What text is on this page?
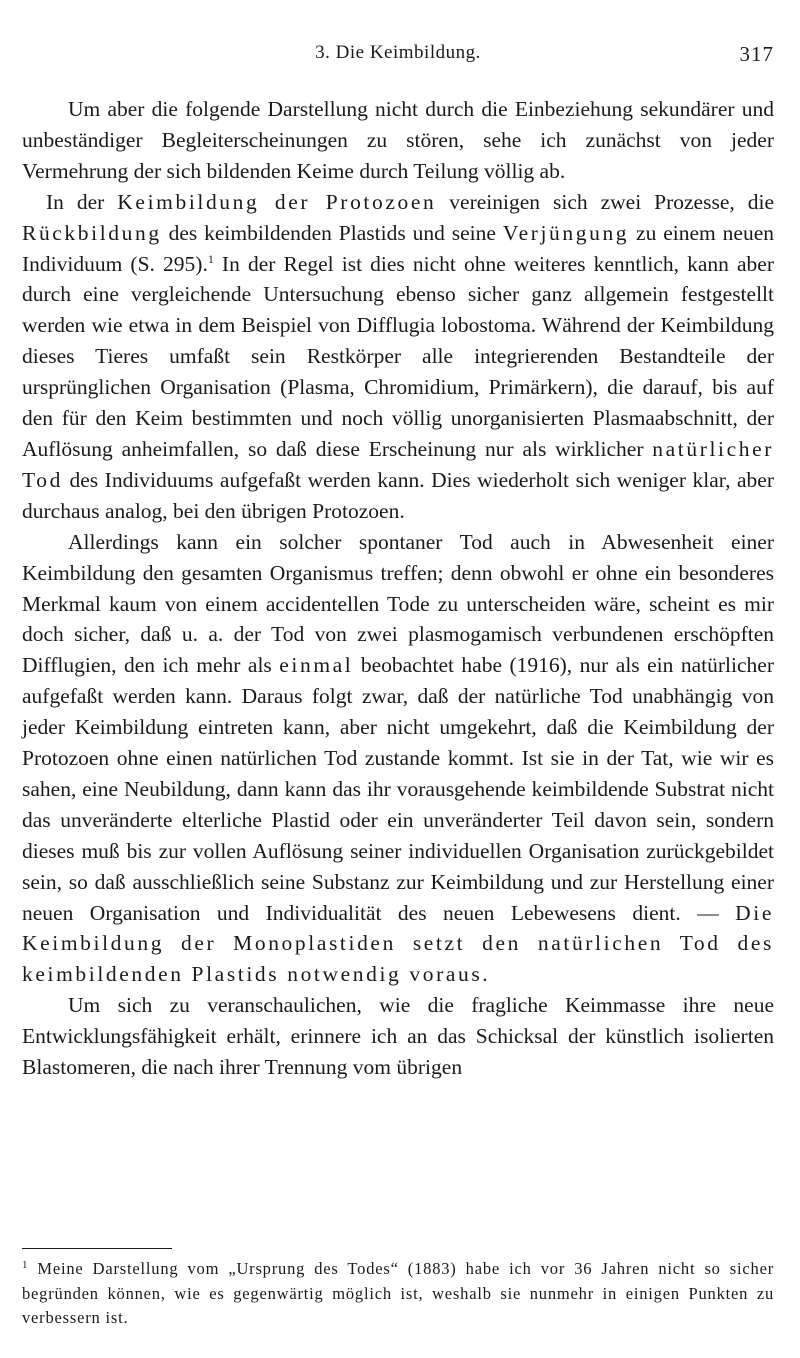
3. Die Keimbildung.	317

Um aber die folgende Darstellung nicht durch die Einbeziehung sekundärer und unbeständiger Begleiterscheinungen zu stören, sehe ich zunächst von jeder Vermehrung der sich bildenden Keime durch Teilung völlig ab.

In der Keimbildung der Protozoen vereinigen sich zwei Prozesse, die Rückbildung des keimbildenden Plastids und seine Verjüngung zu einem neuen Individuum (S. 295).$^1$ In der Regel ist dies nicht ohne weiteres kenntlich, kann aber durch eine vergleichende Untersuchung ebenso sicher ganz allgemein festgestellt werden wie etwa in dem Beispiel von Difflugia lobostoma. Während der Keimbildung dieses Tieres umfaßt sein Restkörper alle integrierenden Bestandteile der ursprünglichen Organisation (Plasma, Chromidium, Primärkern), die darauf, bis auf den für den Keim bestimmten und noch völlig unorganisierten Plasmaabschnitt, der Auflösung anheimfallen, so daß diese Erscheinung nur als wirklicher natürlicher Tod des Individuums aufgefaßt werden kann. Dies wiederholt sich weniger klar, aber durchaus analog, bei den übrigen Protozoen.

Allerdings kann ein solcher spontaner Tod auch in Abwesenheit einer Keimbildung den gesamten Organismus treffen; denn obwohl er ohne ein besonderes Merkmal kaum von einem accidentellen Tode zu unterscheiden wäre, scheint es mir doch sicher, daß u. a. der Tod von zwei plasmogamisch verbundenen erschöpften Difflugien, den ich mehr als einmal beobachtet habe (1916), nur als ein natürlicher aufgefaßt werden kann. Daraus folgt zwar, daß der natürliche Tod unabhängig von jeder Keimbildung eintreten kann, aber nicht umgekehrt, daß die Keimbildung der Protozoen ohne einen natürlichen Tod zustande kommt. Ist sie in der Tat, wie wir es sahen, eine Neubildung, dann kann das ihr vorausgehende keimbildende Substrat nicht das unveränderte elterliche Plastid oder ein unveränderter Teil davon sein, sondern dieses muß bis zur vollen Auflösung seiner individuellen Organisation zurückgebildet sein, so daß ausschließlich seine Substanz zur Keimbildung und zur Herstellung einer neuen Organisation und Individualität des neuen Lebewesens dient. — Die Keimbildung der Monoplastiden setzt den natürlichen Tod des keimbildenden Plastids notwendig voraus.

Um sich zu veranschaulichen, wie die fragliche Keimmasse ihre neue Entwicklungsfähigkeit erhält, erinnere ich an das Schicksal der künstlich isolierten Blastomeren, die nach ihrer Trennung vom übrigen

$^1$ Meine Darstellung vom „Ursprung des Todes“ (1883) habe ich vor 36 Jahren nicht so sicher begründen können, wie es gegenwärtig möglich ist, weshalb sie nunmehr in einigen Punkten zu verbessern ist.
